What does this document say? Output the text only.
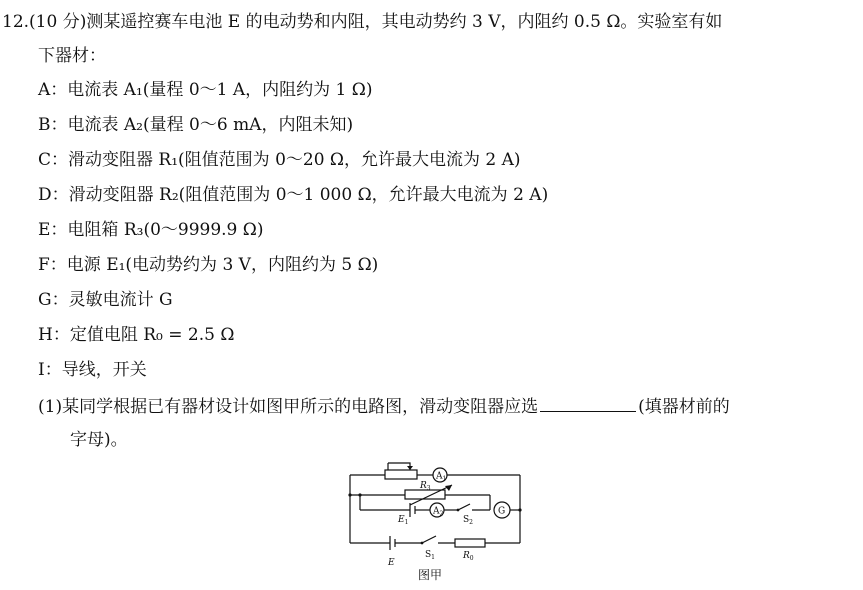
12.(10 分)测某遥控赛车电池 E 的电动势和内阻，其电动势约 3 V，内阻约 0.5 Ω。实验室有如
下器材：
A：电流表 A₁(量程 0～1 A，内阻约为 1 Ω)
B：电流表 A₂(量程 0～6 mA，内阻未知)
C：滑动变阻器 R₁(阻值范围为 0～20 Ω，允许最大电流为 2 A)
D：滑动变阻器 R₂(阻值范围为 0～1 000 Ω，允许最大电流为 2 A)
E：电阻箱 R₃(0～9999.9 Ω)
F：电源 E₁(电动势约为 3 V，内阻约为 5 Ω)
G：灵敏电流计 G
H：定值电阻 R₀ = 2.5 Ω
I：导线，开关
(1)某同学根据已有器材设计如图甲所示的电路图，滑动变阻器应选	(填器材前的
字母)。
$A_1$
$A_2$	G
$R_3$
$E_1$	$S_2$
$S_1$	$R_0$
E
图甲
